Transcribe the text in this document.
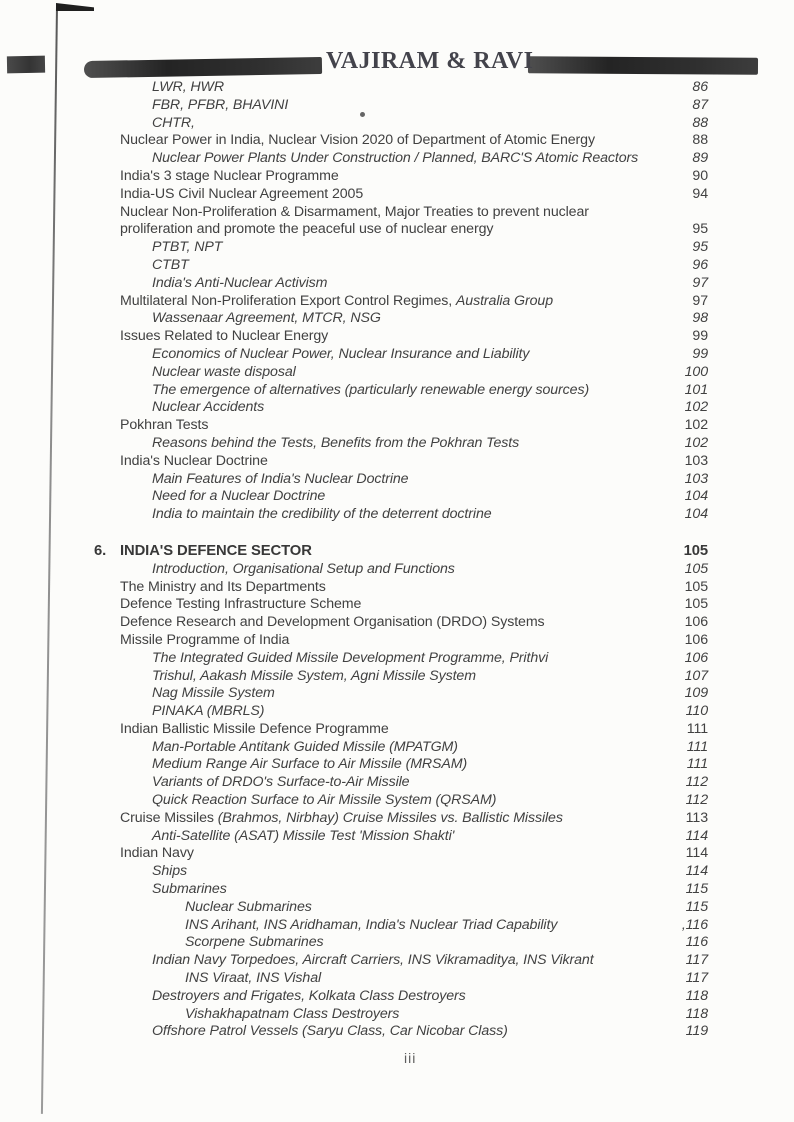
VAJIRAM & RAVI
LWR, HWR	86
FBR, PFBR, BHAVINI	87
CHTR,	88
Nuclear Power in India, Nuclear Vision 2020 of Department of Atomic Energy	88
Nuclear Power Plants Under Construction / Planned, BARC'S Atomic Reactors	89
India's 3 stage Nuclear Programme	90
India-US Civil Nuclear Agreement 2005	94
Nuclear Non-Proliferation & Disarmament, Major Treaties to prevent nuclear
proliferation and promote the peaceful use of nuclear energy	95
PTBT, NPT	95
CTBT	96
India's Anti-Nuclear Activism	97
Multilateral Non-Proliferation Export Control Regimes, Australia Group	97
Wassenaar Agreement, MTCR, NSG	98
Issues Related to Nuclear Energy	99
Economics of Nuclear Power, Nuclear Insurance and Liability	99
Nuclear waste disposal	100
The emergence of alternatives (particularly renewable energy sources)	101
Nuclear Accidents	102
Pokhran Tests	102
Reasons behind the Tests, Benefits from the Pokhran Tests	102
India's Nuclear Doctrine	103
Main Features of India's Nuclear Doctrine	103
Need for a Nuclear Doctrine	104
India to maintain the credibility of the deterrent doctrine	104
6. INDIA'S DEFENCE SECTOR	105
Introduction, Organisational Setup and Functions	105
The Ministry and Its Departments	105
Defence Testing Infrastructure Scheme	105
Defence Research and Development Organisation (DRDO) Systems	106
Missile Programme of India	106
The Integrated Guided Missile Development Programme, Prithvi	106
Trishul, Aakash Missile System, Agni Missile System	107
Nag Missile System	109
PINAKA (MBRLS)	110
Indian Ballistic Missile Defence Programme	111
Man-Portable Antitank Guided Missile (MPATGM)	111
Medium Range Air Surface to Air Missile (MRSAM)	111
Variants of DRDO's Surface-to-Air Missile	112
Quick Reaction Surface to Air Missile System (QRSAM)	112
Cruise Missiles (Brahmos, Nirbhay) Cruise Missiles vs. Ballistic Missiles	113
Anti-Satellite (ASAT) Missile Test 'Mission Shakti'	114
Indian Navy	114
Ships	114
Submarines	115
Nuclear Submarines	115
INS Arihant, INS Aridhaman, India's Nuclear Triad Capability	,116
Scorpene Submarines	116
Indian Navy Torpedoes, Aircraft Carriers, INS Vikramaditya, INS Vikrant	117
INS Viraat, INS Vishal	117
Destroyers and Frigates, Kolkata Class Destroyers	118
Vishakhapatnam Class Destroyers	118
Offshore Patrol Vessels (Saryu Class, Car Nicobar Class)	119
iii
